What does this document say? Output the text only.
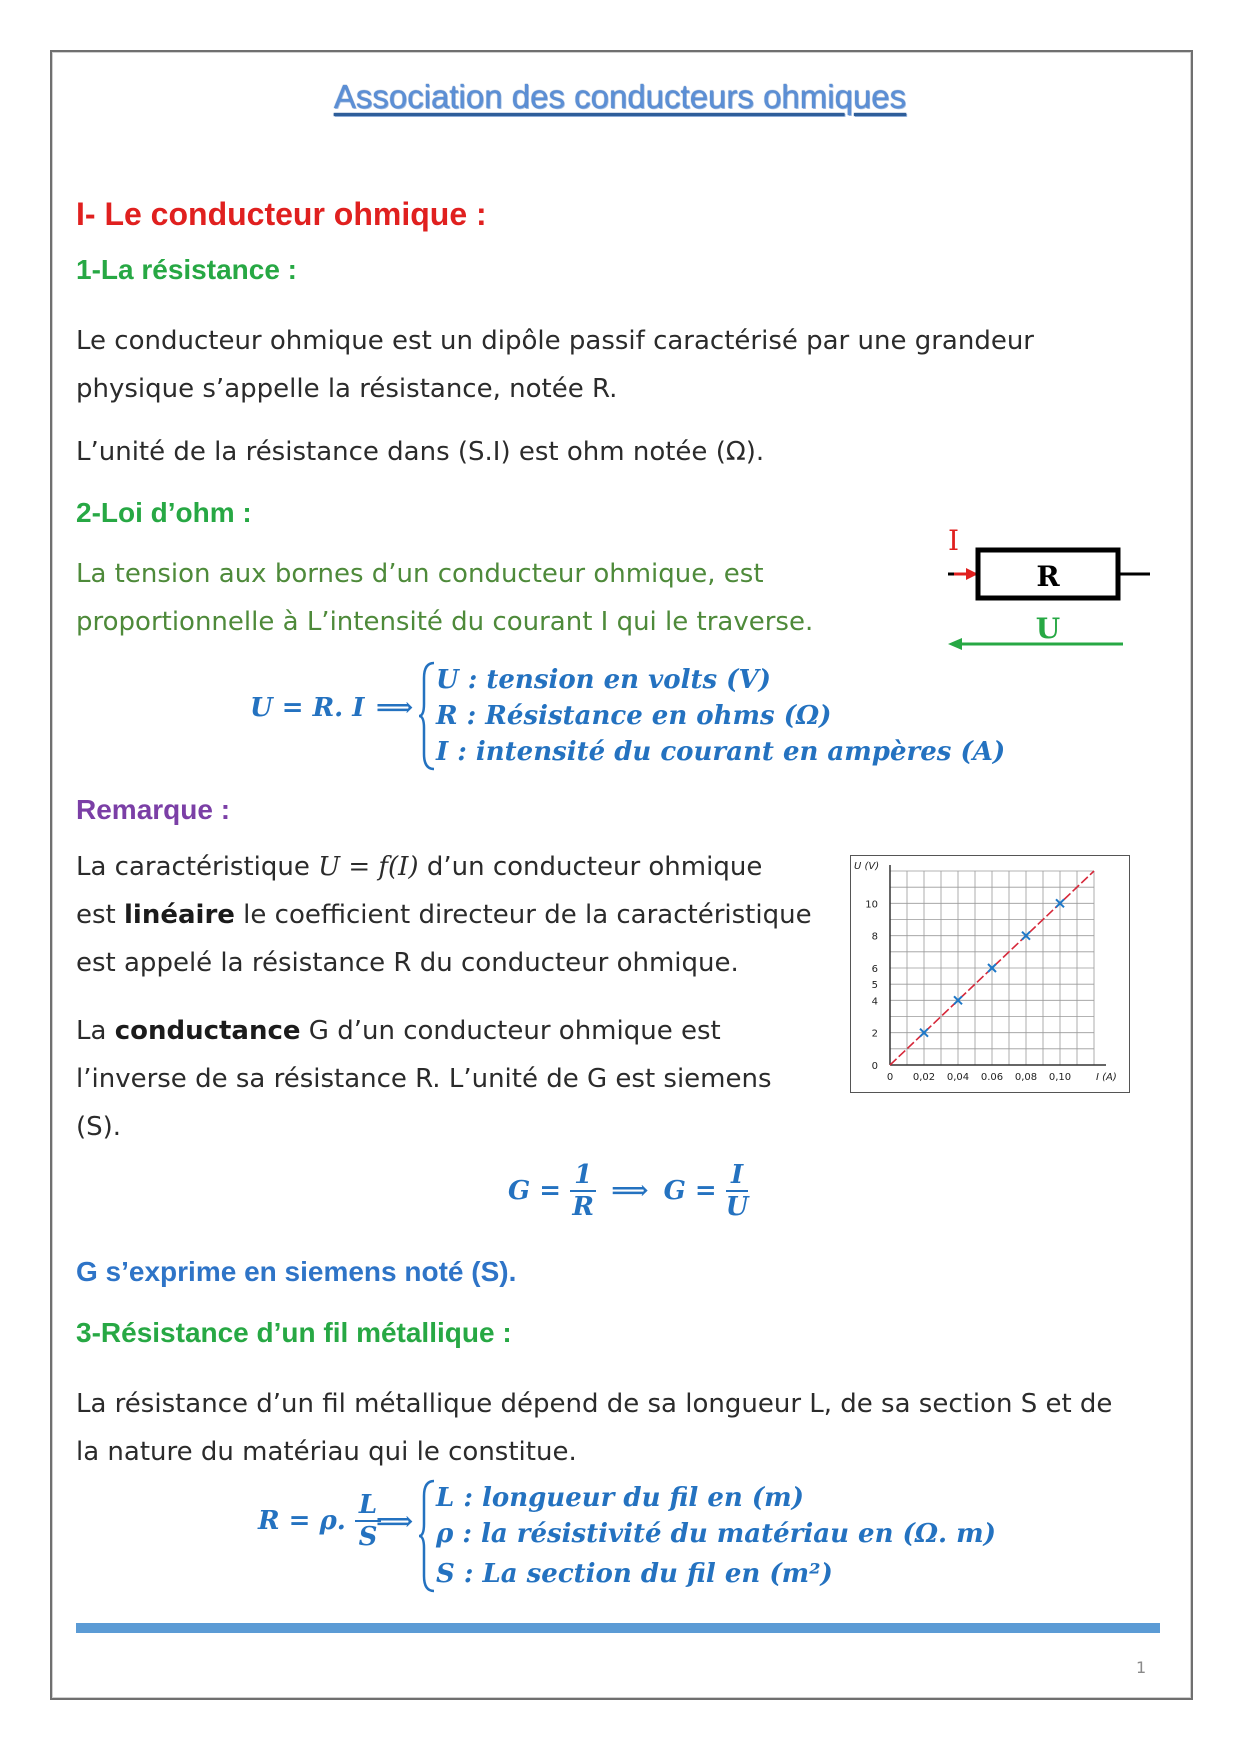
Association des conducteurs ohmiques
I- Le conducteur ohmique :
1-La résistance :
Le conducteur ohmique est un dipôle passif caractérisé par une grandeur
physique s’appelle la résistance, notée R.
L’unité de la résistance dans (S.I) est ohm notée (Ω).
2-Loi d’ohm :
La tension aux bornes d’un conducteur ohmique, est
proportionnelle à L’intensité du courant I qui le traverse.
I
R
U
U = R. I ⟹
U : tension en volts (V)
R : Résistance en ohms (Ω)
I : intensité du courant en ampères (A)
Remarque :
La caractéristique U = f(I) d’un conducteur ohmique
est linéaire le coefficient directeur de la caractéristique
est appelé la résistance R du conducteur ohmique.
La conductance G d’un conducteur ohmique est
l’inverse de sa résistance R. L’unité de G est siemens
(S).
0 0,02 0,04 0.06 0,08 0,10
0
2
4
5
6
8
10
I (A)
U (V)
$G = \frac{1}{R}$ ⟹ $G = \frac{I}{U}$
G s’exprime en siemens noté (S).
3-Résistance d’un fil métallique :
La résistance d’un fil métallique dépend de sa longueur L, de sa section S et de
la nature du matériau qui le constitue.
R = ρ. $\frac{L}{S}$
⟹
L : longueur du fil en (m)
ρ : la résistivité du matériau en (Ω. m)
S : La section du fil en (m²)
1
